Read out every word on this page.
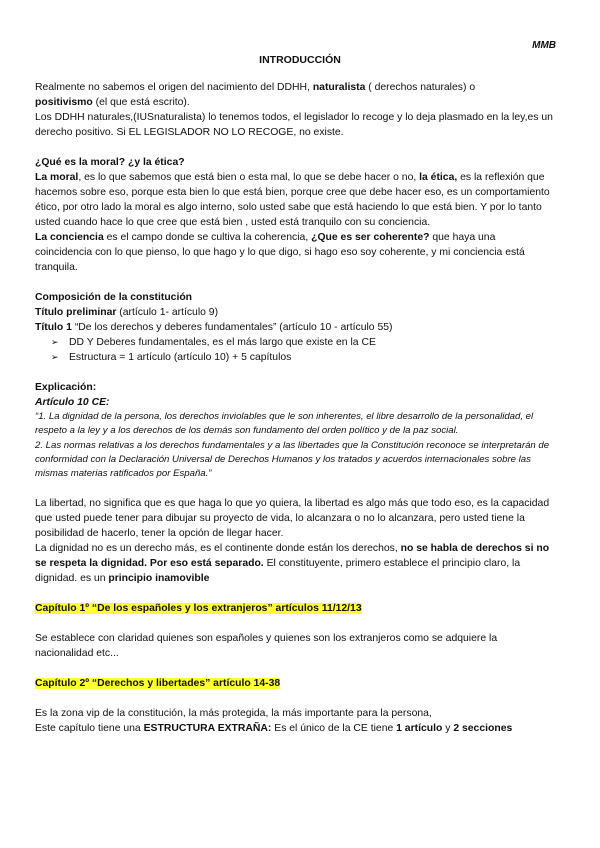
MMB
INTRODUCCIÓN

Realmente no sabemos el origen del nacimiento del DDHH, naturalista ( derechos naturales) o
positivismo (el que está escrito).

Los DDHH naturales,(IUSnaturalista) lo tenemos todos, el legislador lo recoge y lo deja plasmado en la ley,es un derecho positivo. Si EL LEGISLADOR NO LO RECOGE, no existe.

¿Qué es la moral? ¿y la ética?

La moral, es lo que sabemos que está bien o esta mal, lo que se debe hacer o no, la ética, es la reflexión que hacemos sobre eso, porque esta bien lo que está bien, porque cree que debe hacer eso, es un comportamiento ético, por otro lado la moral es algo interno, solo usted sabe que está haciendo lo que está bien. Y por lo tanto usted cuando hace lo que cree que está bien , usted está tranquilo con su conciencia.

La conciencia es el campo donde se cultiva la coherencia, ¿Que es ser coherente? que haya una coincidencia con lo que pienso, lo que hago y lo que digo, si hago eso soy coherente, y mi conciencia está tranquila.

Composición de la constitución

Título preliminar (artículo 1- artículo 9)

Título 1 “De los derechos y deberes fundamentales” (artículo 10 - artículo 55)

➢	DD Y Deberes fundamentales, es el más largo que existe en la CE
➢	Estructura = 1 artículo (artículo 10) + 5 capítulos

Explicación:

Artículo 10 CE:

“1. La dignidad de la persona, los derechos inviolables que le son inherentes, el libre desarrollo de la personalidad, el respeto a la ley y a los derechos de los demás son fundamento del orden político y de la paz social.

2. Las normas relativas a los derechos fundamentales y a las libertades que la Constitución reconoce se interpretarán de conformidad con la Declaración Universal de Derechos Humanos y los tratados y acuerdos internacionales sobre las mismas materias ratificados por España.”

La libertad, no significa que es que haga lo que yo quiera, la libertad es algo más que todo eso, es la capacidad que usted puede tener para dibujar su proyecto de vida, lo alcanzara o no lo alcanzara, pero usted tiene la posibilidad de hacerlo, tener la opción de llegar hacer.

La dignidad no es un derecho más, es el continente donde están los derechos, no se habla de derechos si no se respeta la dignidad. Por eso está separado. El constituyente, primero establece el principio claro, la dignidad. es un principio inamovible

Capítulo 1º “De los españoles y los extranjeros” artículos 11/12/13

Se establece con claridad quienes son españoles y quienes son los extranjeros como se adquiere la nacionalidad etc...

Capítulo 2º “Derechos y libertades” artículo 14-38

Es la zona vip de la constitución, la más protegida, la más importante para la persona,

Este capítulo tiene una ESTRUCTURA EXTRAÑA: Es el único de la CE tiene 1 artículo y 2 secciones
